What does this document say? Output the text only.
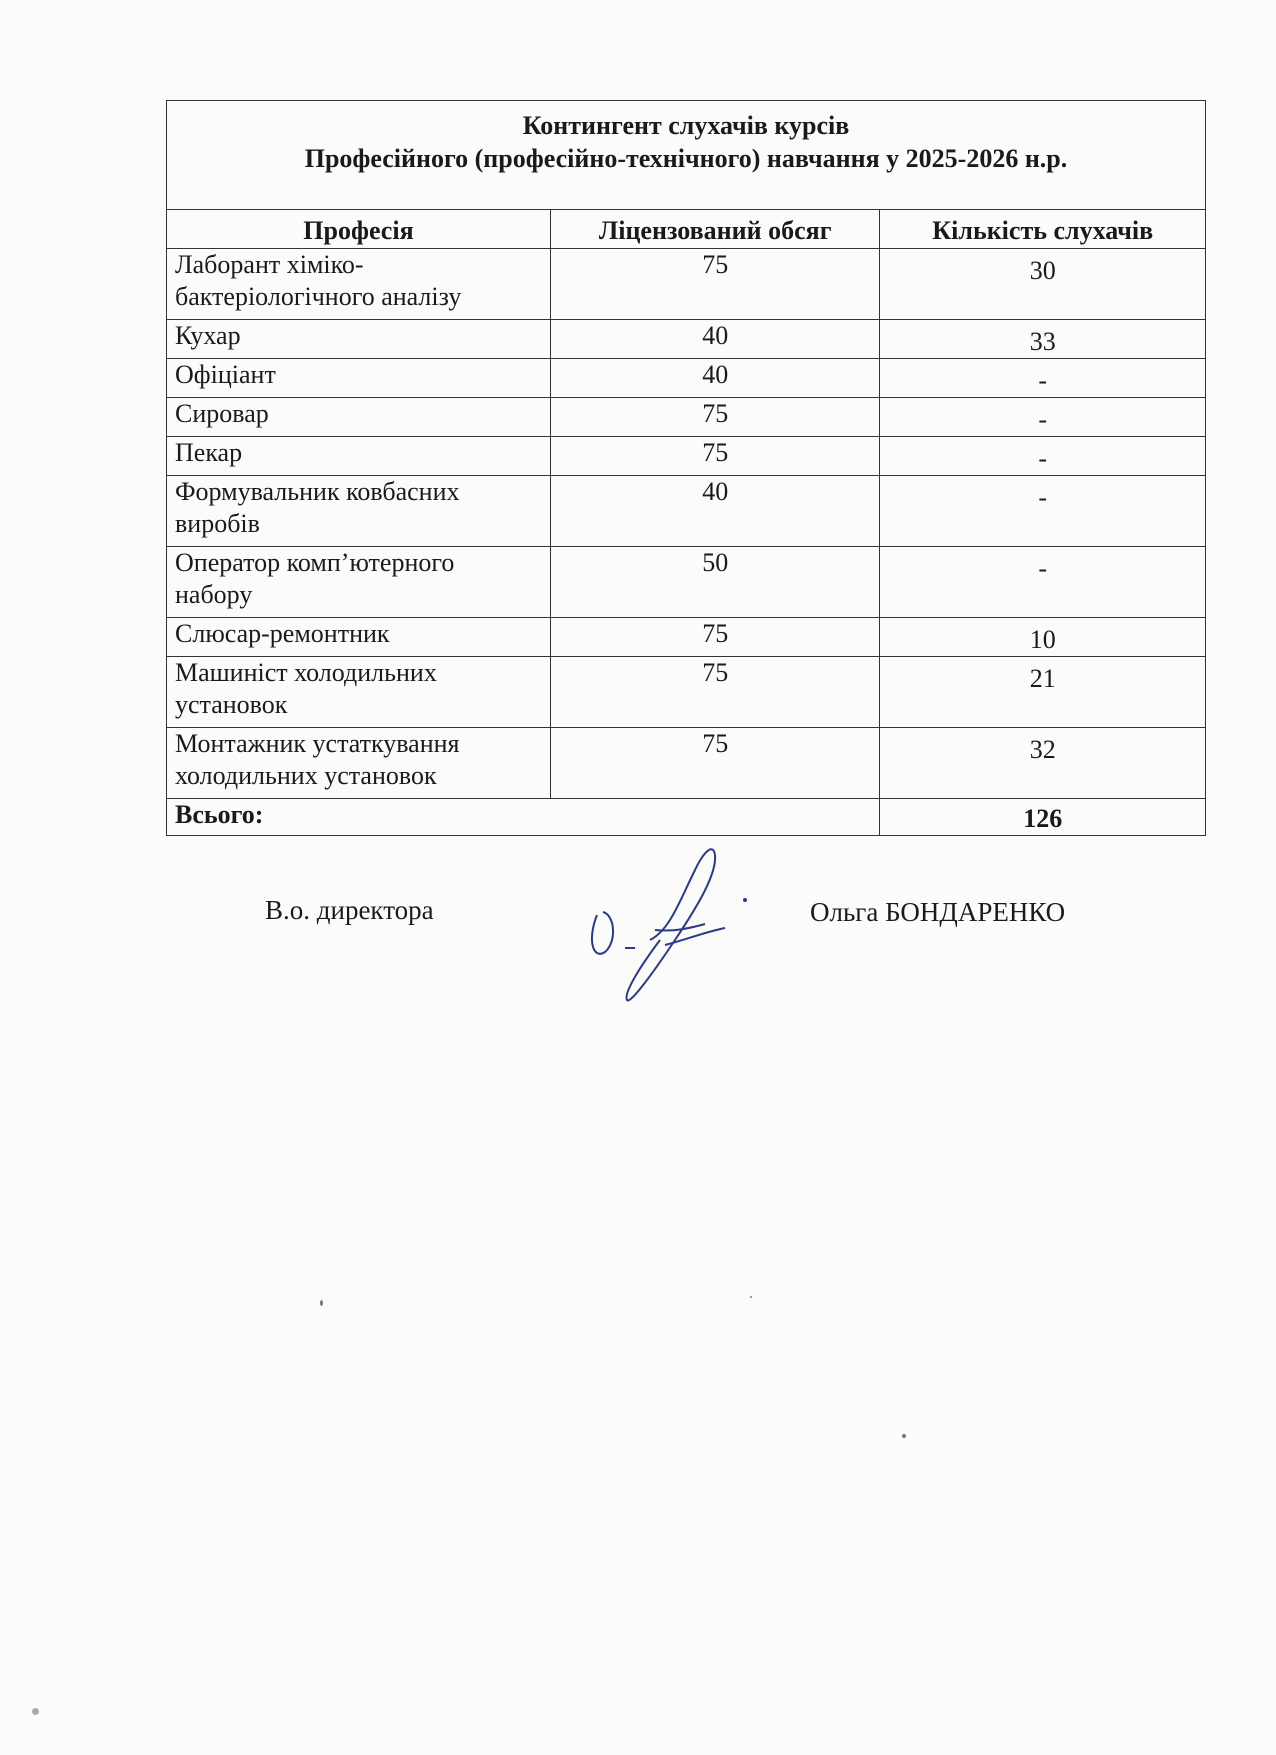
Контингент слухачів курсів
Професійного (професійно-технічного) навчання у 2025-2026 н.р.		

Професія	Ліцензований обсяг	Кількість слухачів

Лаборант хіміко-
бактеріологічного аналізу	75	30
Кухар	40	33
Офіціант	40	-
Сировар	75	-
Пекар	75	-

Формувальник ковбасних
виробів	40	-

Оператор комп’ютерного
набору	50	-
Слюсар-ремонтник	75	10

Машиніст холодильних
установок	75	21

Монтажник устаткування
холодильних установок	75	32
Всього:		126
В.о. директора	Ольга БОНДАРЕНКО
